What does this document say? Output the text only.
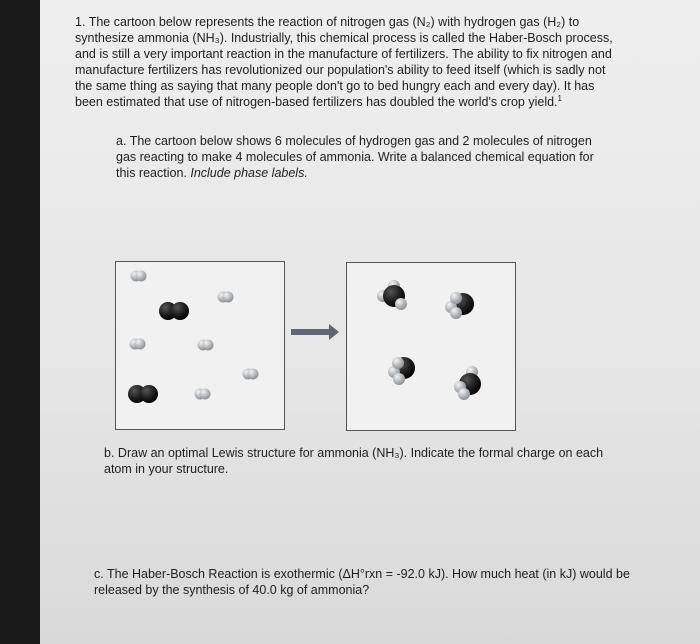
1. The cartoon below represents the reaction of nitrogen gas (N₂) with hydrogen gas (H₂) to synthesize ammonia (NH₃). Industrially, this chemical process is called the Haber-Bosch process, and is still a very important reaction in the manufacture of fertilizers. The ability to fix nitrogen and manufacture fertilizers has revolutionized our population's ability to feed itself (which is sadly not the same thing as saying that many people don't go to bed hungry each and every day). It has been estimated that use of nitrogen-based fertilizers has doubled the world's crop yield.$^1$
a. The cartoon below shows 6 molecules of hydrogen gas and 2 molecules of nitrogen gas reacting to make 4 molecules of ammonia. Write a balanced chemical equation for this reaction. Include phase labels.
b. Draw an optimal Lewis structure for ammonia (NH₃). Indicate the formal charge on each atom in your structure.
c. The Haber-Bosch Reaction is exothermic (ΔH°rxn = -92.0 kJ). How much heat (in kJ) would be released by the synthesis of 40.0 kg of ammonia?
